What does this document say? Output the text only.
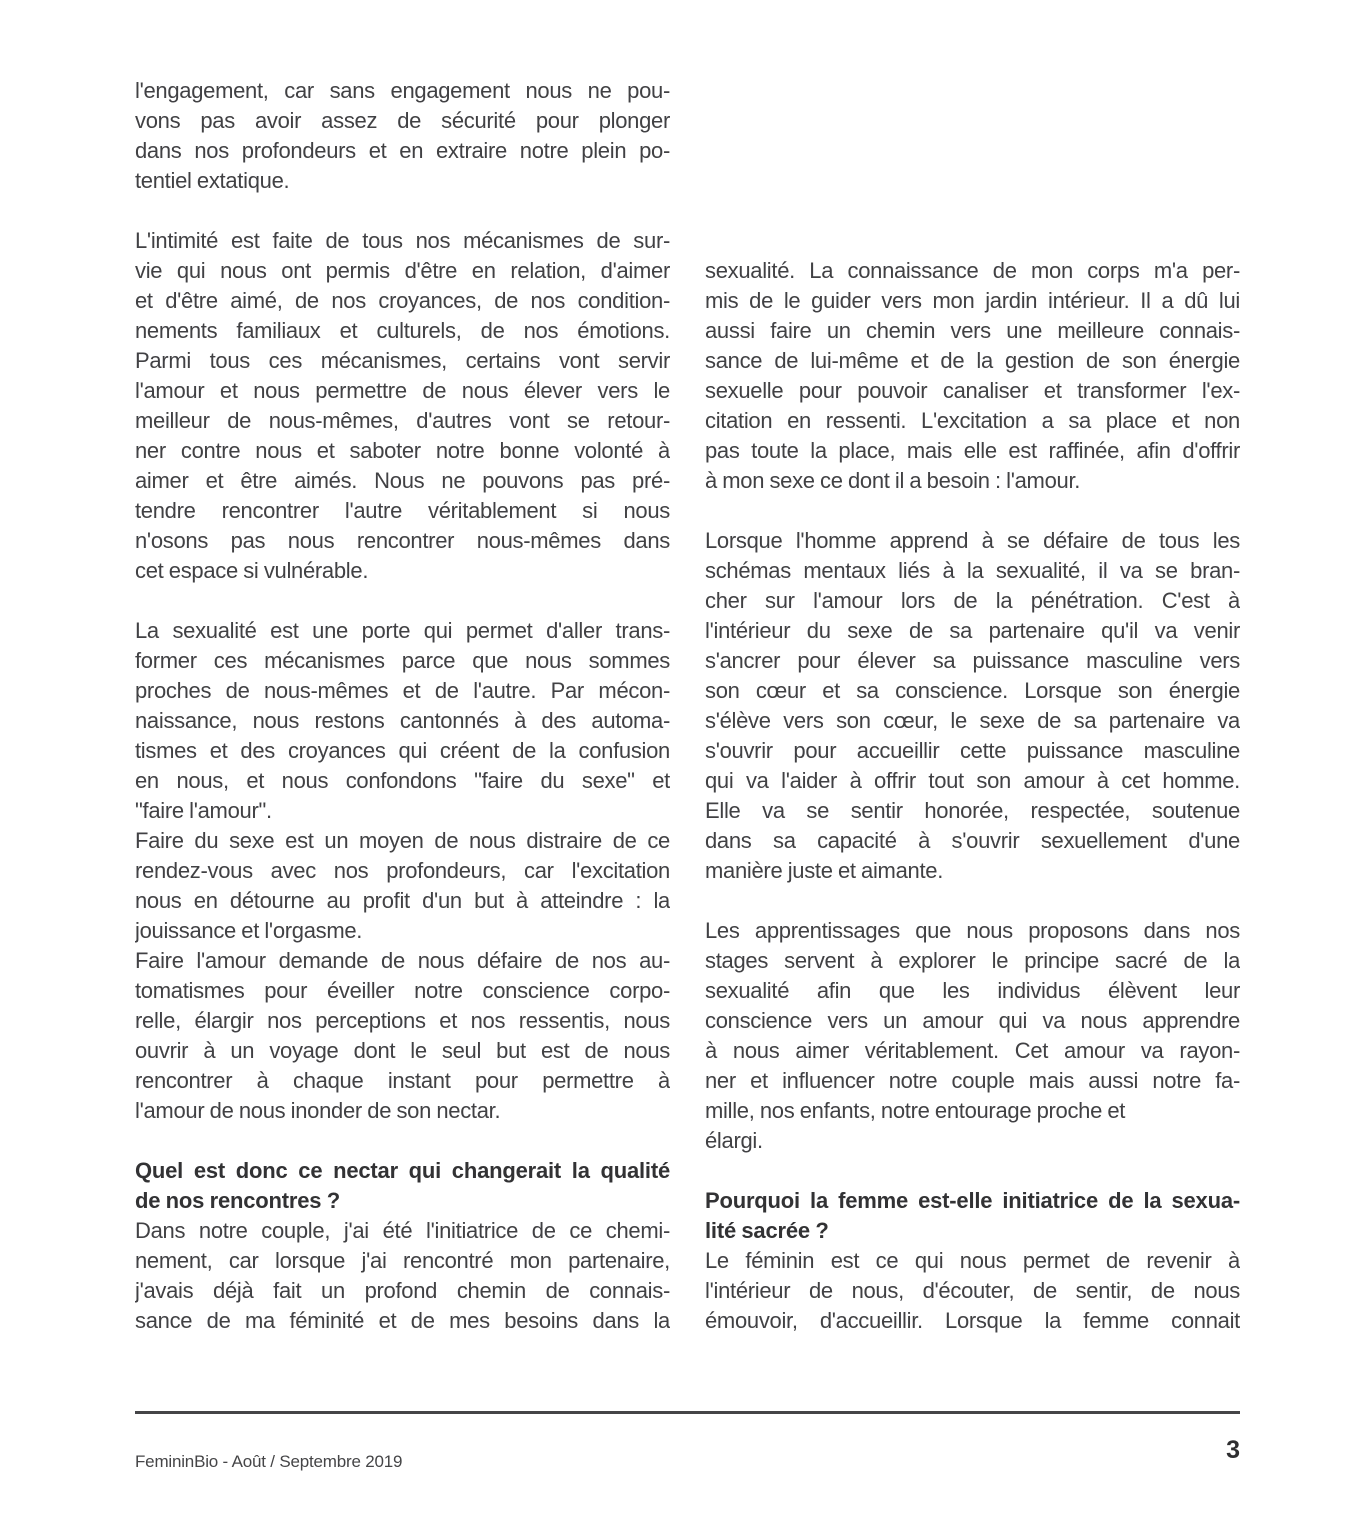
l'engagement, car sans engagement nous ne pou-
vons pas avoir assez de sécurité pour plonger
dans nos profondeurs et en extraire notre plein po-
tentiel extatique.
L'intimité est faite de tous nos mécanismes de sur-
vie qui nous ont permis d'être en relation, d'aimer
et d'être aimé, de nos croyances, de nos condition-
nements familiaux et culturels, de nos émotions.
Parmi tous ces mécanismes, certains vont servir
l'amour et nous permettre de nous élever vers le
meilleur de nous-mêmes, d'autres vont se retour-
ner contre nous et saboter notre bonne volonté à
aimer et être aimés. Nous ne pouvons pas pré-
tendre rencontrer l'autre véritablement si nous
n'osons pas nous rencontrer nous-mêmes dans
cet espace si vulnérable.
La sexualité est une porte qui permet d'aller trans-
former ces mécanismes parce que nous sommes
proches de nous-mêmes et de l'autre. Par mécon-
naissance, nous restons cantonnés à des automa-
tismes et des croyances qui créent de la confusion
en nous, et nous confondons "faire du sexe" et
"faire l'amour".
Faire du sexe est un moyen de nous distraire de ce
rendez-vous avec nos profondeurs, car l'excitation
nous en détourne au profit d'un but à atteindre : la
jouissance et l'orgasme.
Faire l'amour demande de nous défaire de nos au-
tomatismes pour éveiller notre conscience corpo-
relle, élargir nos perceptions et nos ressentis, nous
ouvrir à un voyage dont le seul but est de nous
rencontrer à chaque instant pour permettre à
l'amour de nous inonder de son nectar.
Quel est donc ce nectar qui changerait la qualité
de nos rencontres ?
Dans notre couple, j'ai été l'initiatrice de ce chemi-
nement, car lorsque j'ai rencontré mon partenaire,
j'avais déjà fait un profond chemin de connais-
sance de ma féminité et de mes besoins dans la
sexualité. La connaissance de mon corps m'a per-
mis de le guider vers mon jardin intérieur. Il a dû lui
aussi faire un chemin vers une meilleure connais-
sance de lui-même et de la gestion de son énergie
sexuelle pour pouvoir canaliser et transformer l'ex-
citation en ressenti. L'excitation a sa place et non
pas toute la place, mais elle est raffinée, afin d'offrir
à mon sexe ce dont il a besoin : l'amour.
Lorsque l'homme apprend à se défaire de tous les
schémas mentaux liés à la sexualité, il va se bran-
cher sur l'amour lors de la pénétration. C'est à
l'intérieur du sexe de sa partenaire qu'il va venir
s'ancrer pour élever sa puissance masculine vers
son cœur et sa conscience. Lorsque son énergie
s'élève vers son cœur, le sexe de sa partenaire va
s'ouvrir pour accueillir cette puissance masculine
qui va l'aider à offrir tout son amour à cet homme.
Elle va se sentir honorée, respectée, soutenue
dans sa capacité à s'ouvrir sexuellement d'une
manière juste et aimante.
Les apprentissages que nous proposons dans nos
stages servent à explorer le principe sacré de la
sexualité afin que les individus élèvent leur
conscience vers un amour qui va nous apprendre
à nous aimer véritablement. Cet amour va rayon-
ner et influencer notre couple mais aussi notre fa-
mille, nos enfants, notre entourage proche et
élargi.
Pourquoi la femme est-elle initiatrice de la sexua-
lité sacrée ?
Le féminin est ce qui nous permet de revenir à
l'intérieur de nous, d'écouter, de sentir, de nous
émouvoir, d'accueillir. Lorsque la femme connait
FemininBio - Août / Septembre 2019	3
